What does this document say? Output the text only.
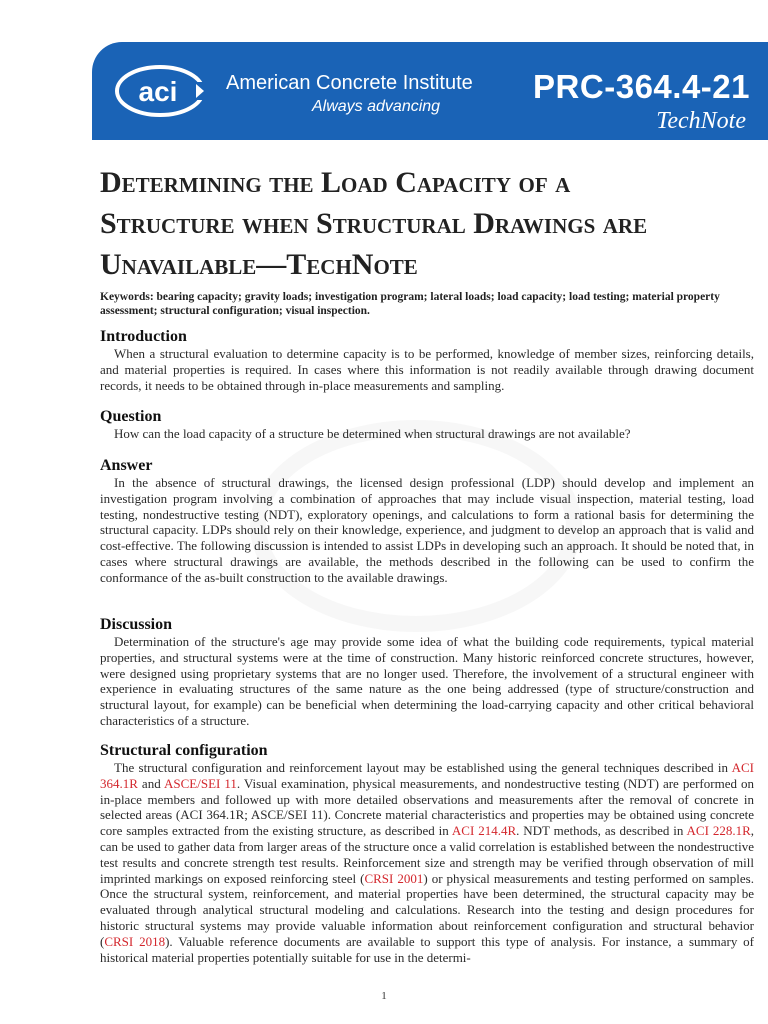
aci American Concrete Institute
Always advancing
PRC-364.4-21
TechNote
Determining the Load Capacity of a
Structure when Structural Drawings are
Unavailable—TechNote

Keywords: bearing capacity; gravity loads; investigation program; lateral loads; load capacity; load testing; material property assessment; structural configuration; visual inspection.

Introduction

When a structural evaluation to determine capacity is to be performed, knowledge of member sizes, reinforcing details, and material properties is required. In cases where this information is not readily available through drawing document records, it needs to be obtained through in-place measurements and sampling.

Question

How can the load capacity of a structure be determined when structural drawings are not available?

Answer

In the absence of structural drawings, the licensed design professional (LDP) should develop and implement an investigation program involving a combination of approaches that may include visual inspection, material testing, load testing, nondestructive testing (NDT), exploratory openings, and calculations to form a rational basis for determining the structural capacity. LDPs should rely on their knowledge, experience, and judgment to develop an approach that is valid and cost-effective. The following discussion is intended to assist LDPs in developing such an approach. It should be noted that, in cases where structural drawings are available, the methods described in the following can be used to confirm the conformance of the as-built construction to the available drawings.

Discussion

Determination of the structure's age may provide some idea of what the building code requirements, typical material properties, and structural systems were at the time of construction. Many historic reinforced concrete structures, however, were designed using proprietary systems that are no longer used. Therefore, the involvement of a structural engineer with experience in evaluating structures of the same nature as the one being addressed (type of structure/construction and structural layout, for example) can be beneficial when determining the load-carrying capacity and other critical behavioral characteristics of a structure.

Structural configuration

The structural configuration and reinforcement layout may be established using the general techniques described in ACI 364.1R and ASCE/SEI 11. Visual examination, physical measurements, and nondestructive testing (NDT) are performed on in-place members and followed up with more detailed observations and measurements after the removal of concrete in selected areas (ACI 364.1R; ASCE/SEI 11). Concrete material characteristics and properties may be obtained using concrete core samples extracted from the existing structure, as described in ACI 214.4R. NDT methods, as described in ACI 228.1R, can be used to gather data from larger areas of the structure once a valid correlation is established between the nondestructive test results and concrete strength test results. Reinforcement size and strength may be verified through observation of mill imprinted markings on exposed reinforcing steel (CRSI 2001) or physical measurements and testing performed on samples. Once the structural system, reinforcement, and material properties have been determined, the structural capacity may be evaluated through analytical structural modeling and calculations. Research into the testing and design procedures for historic structural systems may provide valuable information about reinforcement configuration and structural behavior (CRSI 2018). Valuable reference documents are available to support this type of analysis. For instance, a summary of historical material properties potentially suitable for use in the determi-

1
